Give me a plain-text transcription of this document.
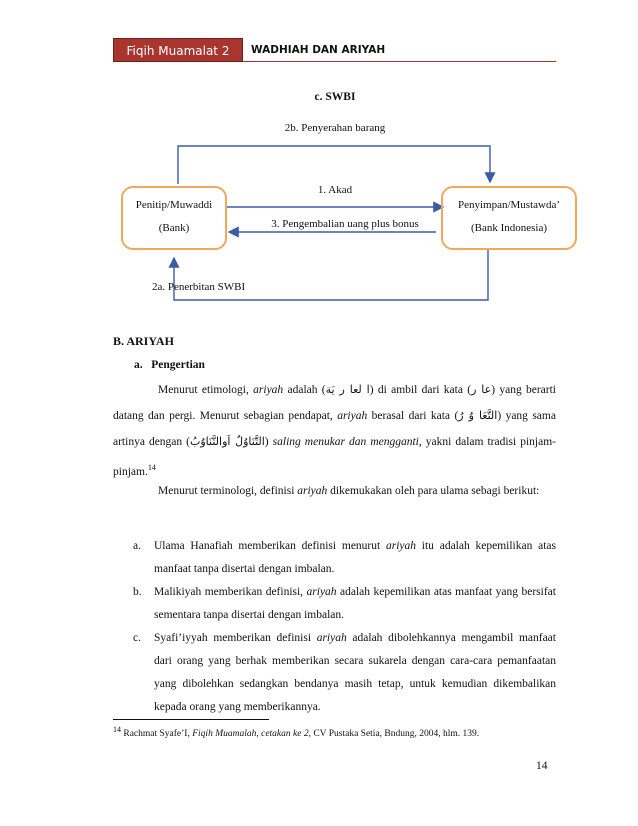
Fiqih Muamalat 2	WADHIAH DAN ARIYAH
c. SWBI
2b. Penyerahan barang
1. Akad
3. Pengembalian uang plus bonus
Penitip/Muwaddi
(Bank)
Penyimpan/Mustawda’
(Bank Indonesia)
2a. Penerbitan SWBI
B. ARIYAH
a.   Pengertian
Menurut etimologi, ariyah adalah (ا لعا ر يَة) di ambil dari kata (عا ر) yang berarti datang dan pergi. Menurut sebagian pendapat, ariyah berasal dari kata (التَّعَا وُ رُ) yang sama artinya dengan (التَّنَاوُلُ اَوالتَّنَاوُبُ) saling menukar dan mengganti, yakni dalam tradisi pinjam-pinjam.$^{14}$
Menurut terminologi, definisi ariyah dikemukakan oleh para ulama sebagi berikut:
a. Ulama Hanafiah memberikan definisi menurut ariyah itu adalah kepemilikan atas manfaat tanpa disertai dengan imbalan.
b. Malikiyah memberikan definisi, ariyah adalah kepemilikan atas manfaat yang bersifat sementara tanpa disertai dengan imbalan.
c. Syafi’iyyah memberikan definisi ariyah adalah dibolehkannya mengambil manfaat dari orang yang berhak memberikan secara sukarela dengan cara-cara pemanfaatan yang dibolehkan sedangkan bendanya masih tetap, untuk kemudian dikembalikan kepada orang yang memberikannya.
$^{14}$ Rachmat Syafe’I, Fiqih Muamalah, cetakan ke 2, CV Pustaka Setia, Bndung, 2004, hlm. 139.
14
